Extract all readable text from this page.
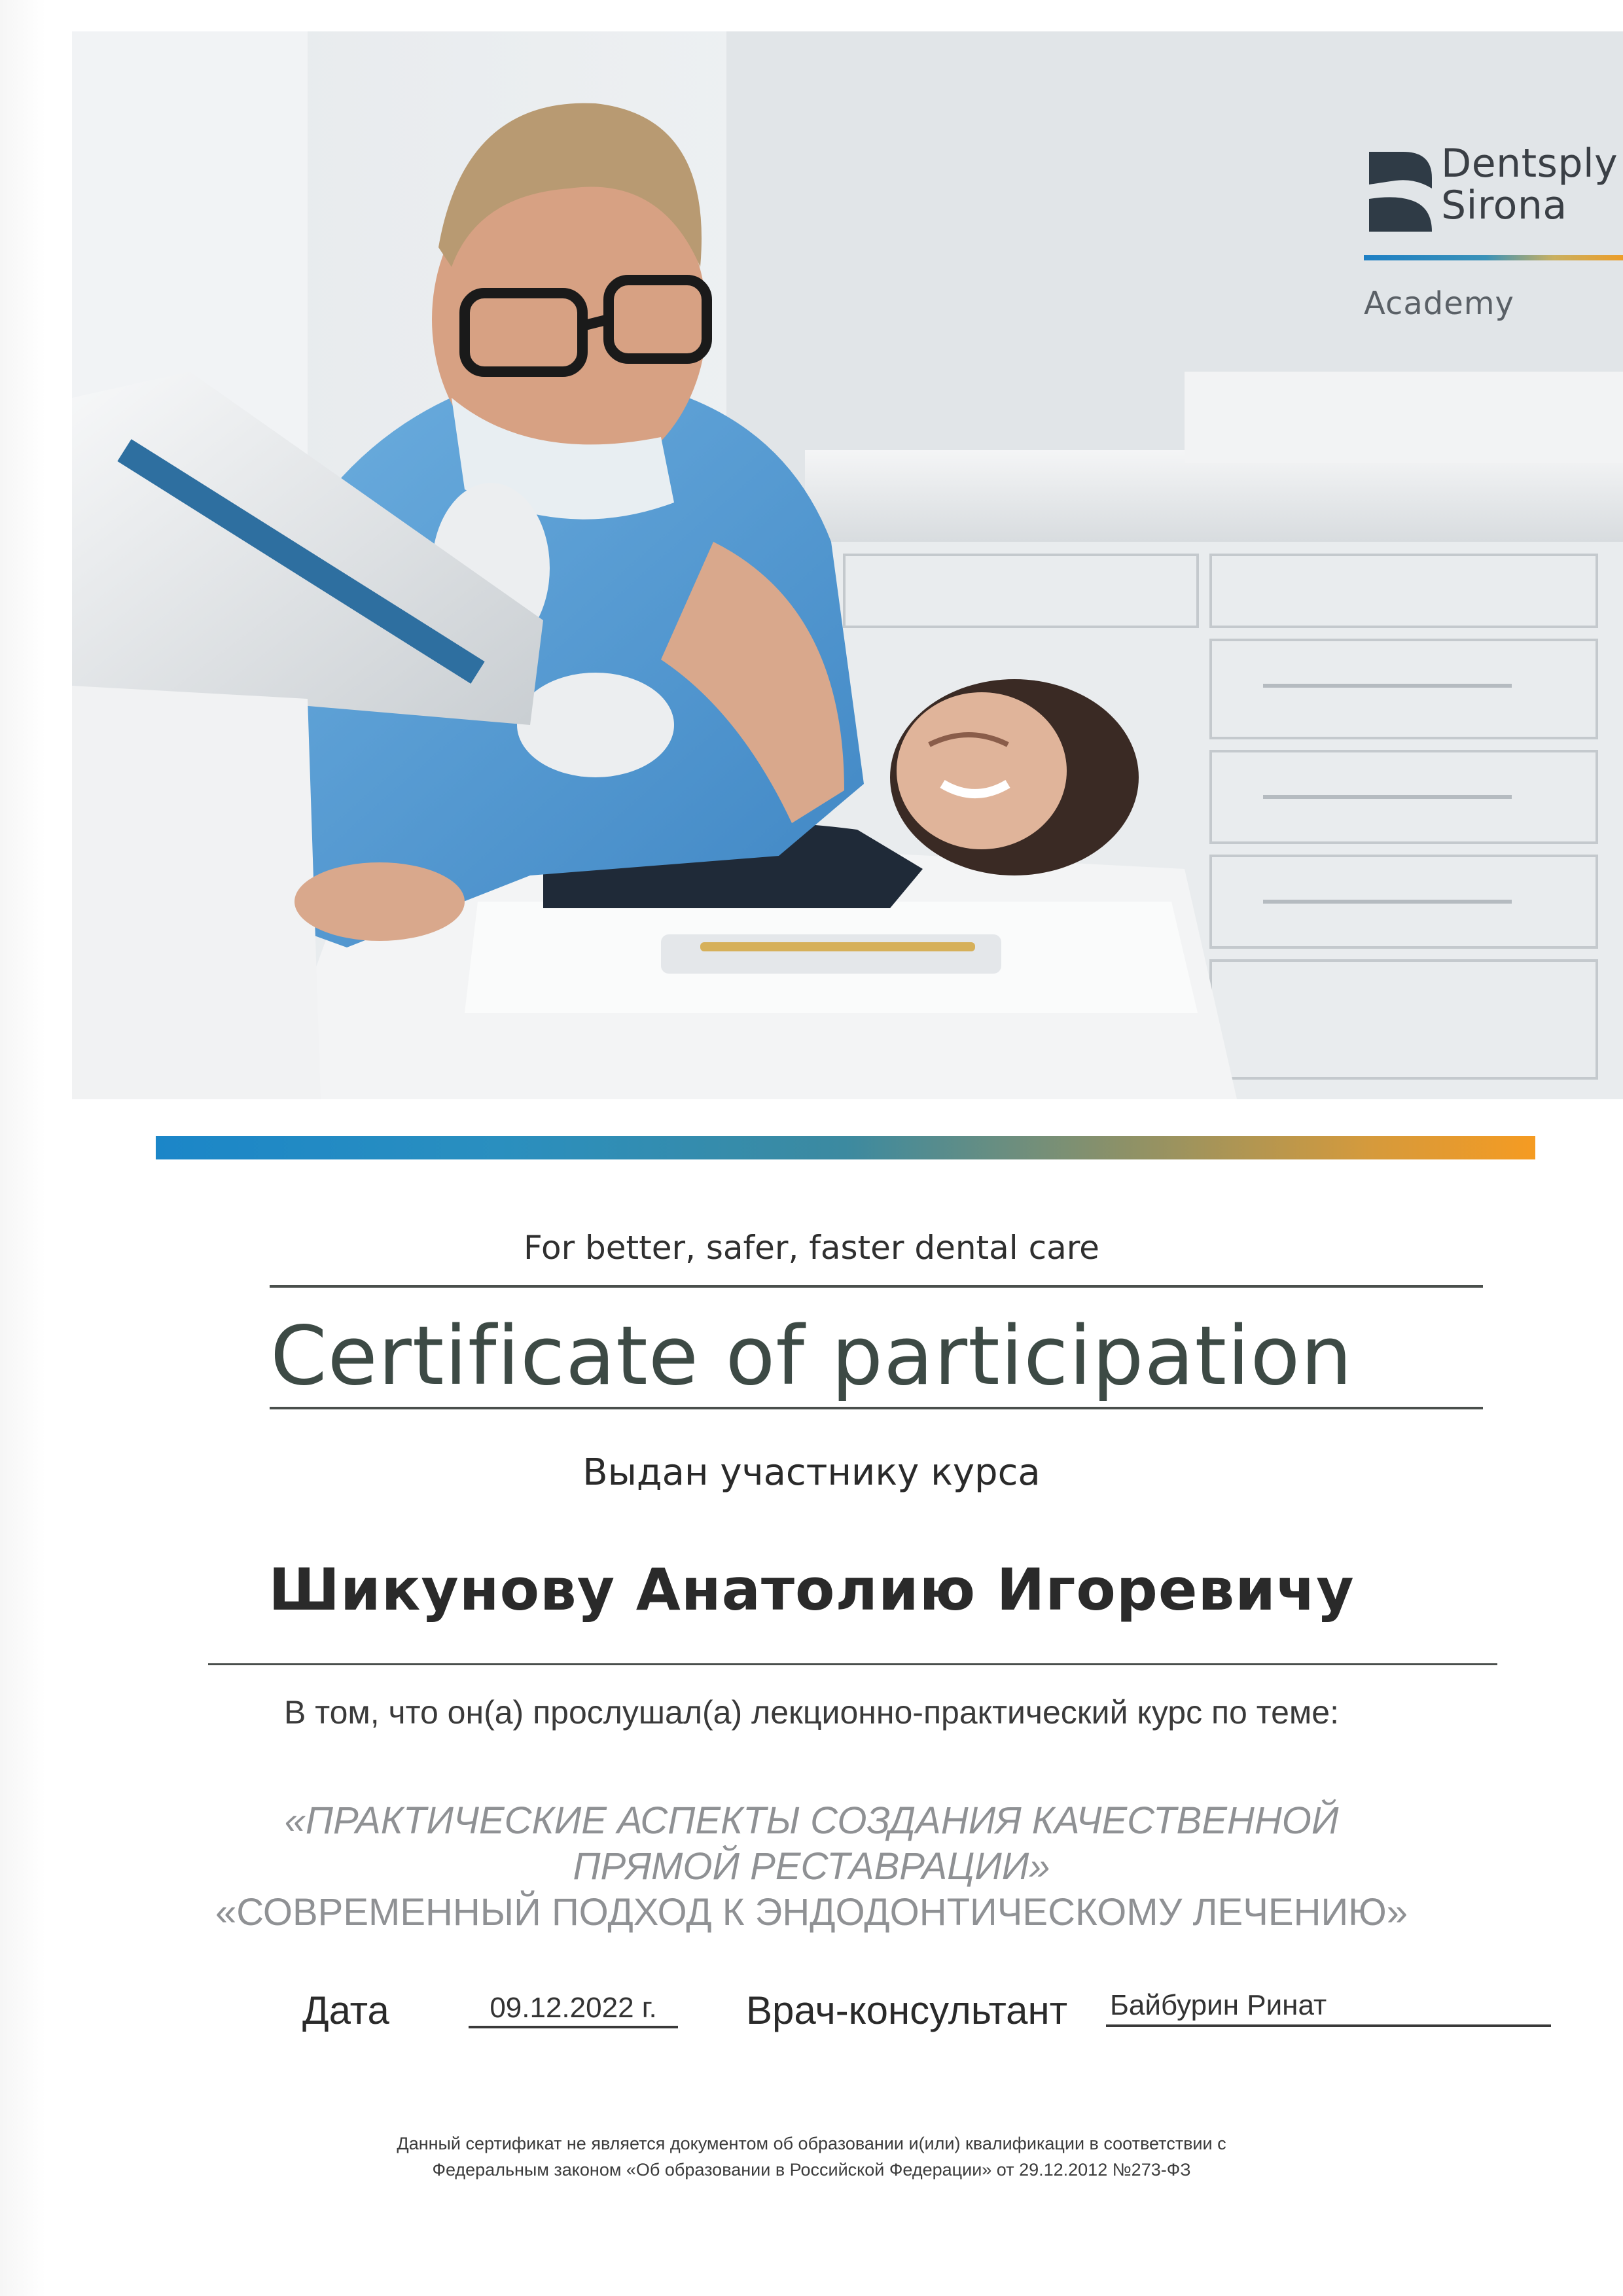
Dentsply
Sirona
Academy
For better, safer, faster dental care
Certificate of participation
Выдан участнику курса
Шикунову Анатолию Игоревичу
В том, что он(а) прослушал(а) лекционно-практический курс по теме:
«ПРАКТИЧЕСКИЕ АСПЕКТЫ СОЗДАНИЯ КАЧЕСТВЕННОЙ
ПРЯМОЙ РЕСТАВРАЦИИ»
«СОВРЕМЕННЫЙ ПОДХОД К ЭНДОДОНТИЧЕСКОМУ ЛЕЧЕНИЮ»
Дата	09.12.2022 г.	Врач-консультант Байбурин Ринат
Данный сертификат не является документом об образовании и(или) квалификации в соответствии с
Федеральным законом «Об образовании в Российской Федерации» от 29.12.2012 №273-ФЗ
